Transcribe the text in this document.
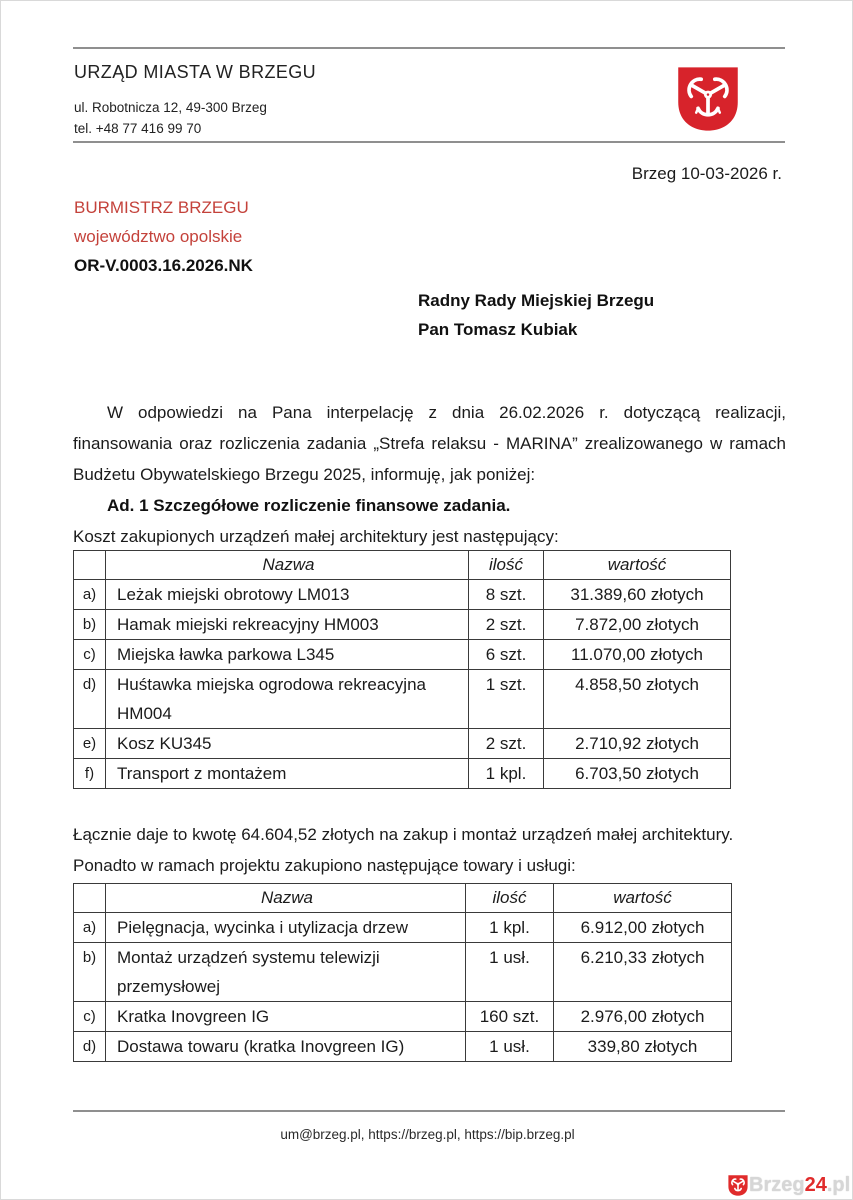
URZĄD MIASTA W BRZEGU
ul. Robotnicza 12, 49-300 Brzeg
tel. +48 77 416 99 70
Brzeg 10-03-2026 r.
BURMISTRZ BRZEGU
województwo opolskie
OR-V.0003.16.2026.NK
Radny Rady Miejskiej Brzegu
Pan Tomasz Kubiak
W odpowiedzi na Pana interpelację z dnia 26.02.2026 r. dotyczącą realizacji,
finansowania oraz rozliczenia zadania „Strefa relaksu - MARINA” zrealizowanego w ramach
Budżetu Obywatelskiego Brzegu 2025, informuję, jak poniżej:
Ad. 1 Szczegółowe rozliczenie finansowe zadania.
Koszt zakupionych urządzeń małej architektury jest następujący:
	Nazwa	ilość	wartość
a)	Leżak miejski obrotowy LM013	8 szt.	31.389,60 złotych
b)	Hamak miejski rekreacyjny HM003	2 szt.	7.872,00 złotych
c)	Miejska ławka parkowa L345	6 szt.	11.070,00 złotych
d)	Huśtawka miejska ogrodowa rekreacyjna HM004	1 szt.	4.858,50 złotych
e)	Kosz KU345	2 szt.	2.710,92 złotych
f)	Transport z montażem	1 kpl.	6.703,50 złotych
Łącznie daje to kwotę 64.604,52 złotych na zakup i montaż urządzeń małej architektury.
Ponadto w ramach projektu zakupiono następujące towary i usługi:
	Nazwa	ilość	wartość
a)	Pielęgnacja, wycinka i utylizacja drzew	1 kpl.	6.912,00 złotych
b)	Montaż urządzeń systemu telewizji przemysłowej	1 usł.	6.210,33 złotych
c)	Kratka Inovgreen IG	160 szt.	2.976,00 złotych
d)	Dostawa towaru (kratka Inovgreen IG)	1 usł.	339,80 złotych
um@brzeg.pl, https://brzeg.pl, https://bip.brzeg.pl
Brzeg 24 .pl
